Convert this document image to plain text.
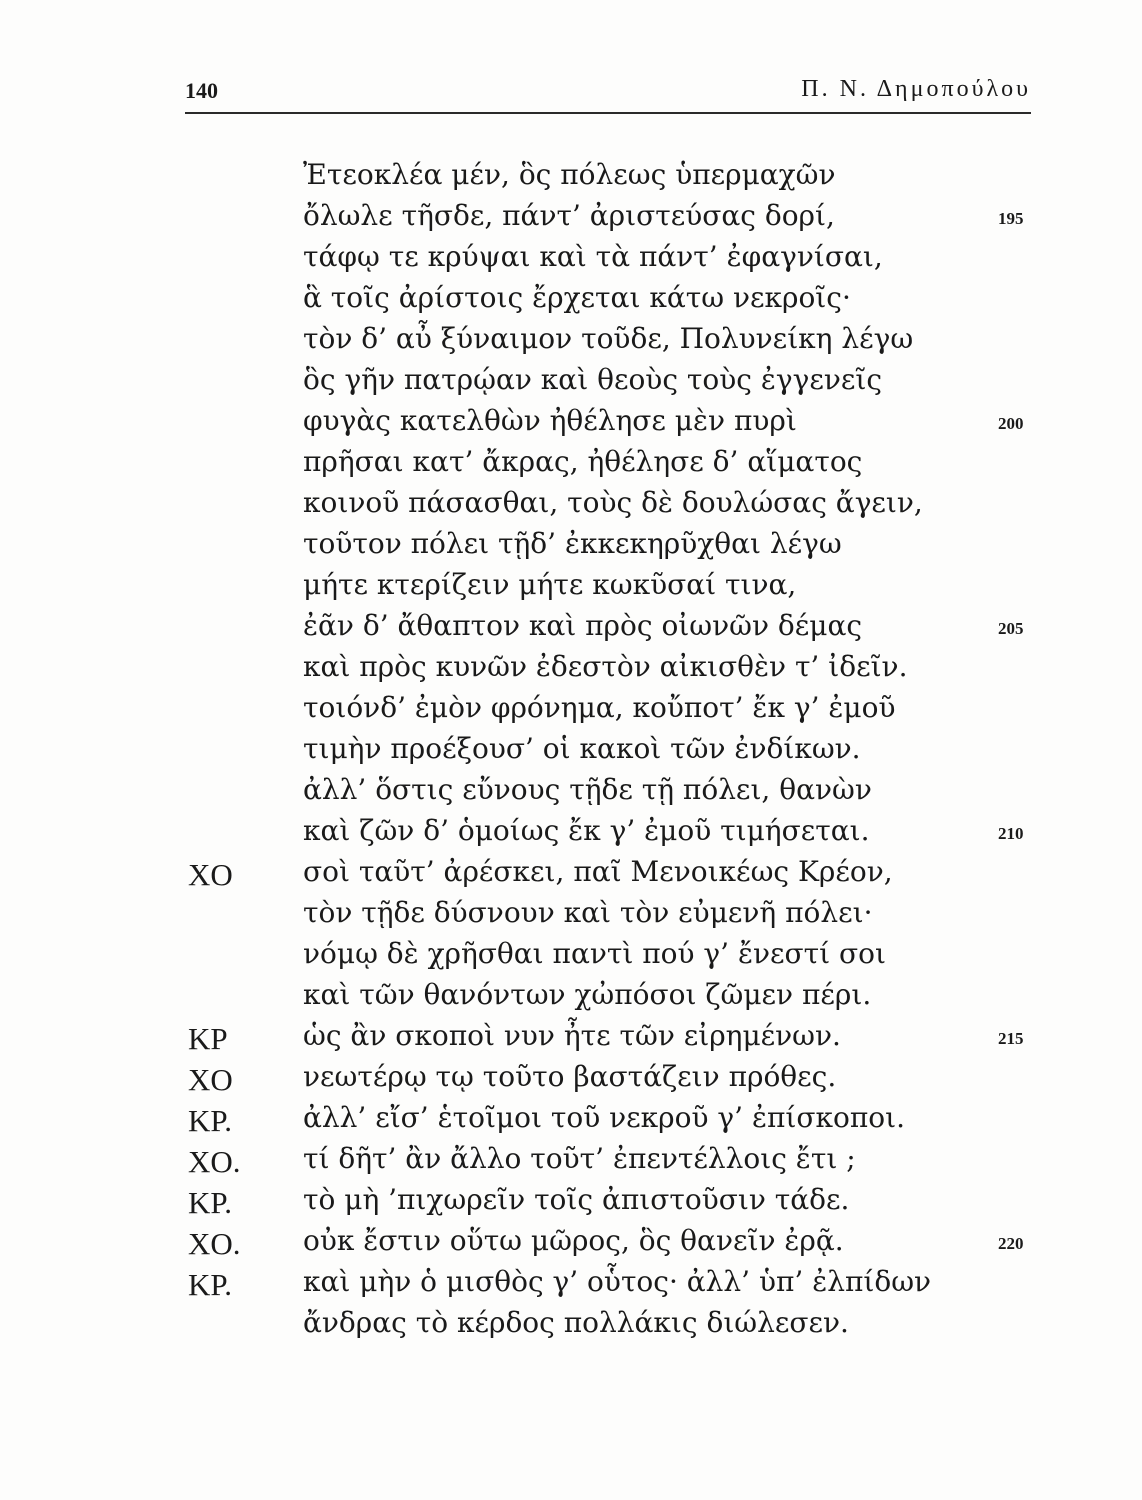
140	Π. Ν. Δημοπούλου
Ἐτεοκλέα μέν, ὃς πόλεως ὑπερμαχῶν
ὄλωλε τῆσδε, πάντ’ ἀριστεύσας δορί,	195
τάφῳ τε κρύψαι καὶ τὰ πάντ’ ἐφαγνίσαι,
ἃ τοῖς ἀρίστοις ἔρχεται κάτω νεκροῖς·
τὸν δ’ αὖ ξύναιμον τοῦδε, Πολυνείκη λέγω
ὃς γῆν πατρῴαν καὶ θεοὺς τοὺς ἐγγενεῖς
φυγὰς κατελθὼν ἠθέλησε μὲν πυρὶ	200
πρῆσαι κατ’ ἄκρας, ἠθέλησε δ’ αἵματος
κοινοῦ πάσασθαι, τοὺς δὲ δουλώσας ἄγειν,
τοῦτον πόλει τῇδ’ ἐκκεκηρῦχθαι λέγω
μήτε κτερίζειν μήτε κωκῦσαί τινα,
ἐᾶν δ’ ἄθαπτον καὶ πρὸς οἰωνῶν δέμας	205
καὶ πρὸς κυνῶν ἐδεστὸν αἰκισθὲν τ’ ἰδεῖν.
τοιόνδ’ ἐμὸν φρόνημα, κοὔποτ’ ἔκ γ’ ἐμοῦ
τιμὴν προέξουσ’ οἱ κακοὶ τῶν ἐνδίκων.
ἀλλ’ ὅστις εὔνους τῇδε τῇ πόλει, θανὼν
καὶ ζῶν δ’ ὁμοίως ἔκ γ’ ἐμοῦ τιμήσεται.	210
ΧΟ	σοὶ ταῦτ’ ἀρέσκει, παῖ Μενοικέως Κρέον,
τὸν τῇδε δύσνουν καὶ τὸν εὐμενῆ πόλει·
νόμῳ δὲ χρῆσθαι παντὶ πού γ’ ἔνεστί σοι
καὶ τῶν θανόντων χὠπόσοι ζῶμεν πέρι.
ΚΡ	ὡς ἂν σκοποὶ νυν ἦτε τῶν εἰρημένων.	215
ΧΟ	νεωτέρῳ τῳ τοῦτο βαστάζειν πρόθες.
ΚΡ.	ἀλλ’ εἴσ’ ἑτοῖμοι τοῦ νεκροῦ γ’ ἐπίσκοποι.
ΧΟ. τί δῆτ’ ἂν ἄλλο τοῦτ’ ἐπεντέλλοις ἔτι ;
ΚΡ.	τὸ μὴ ’πιχωρεῖν τοῖς ἀπιστοῦσιν τάδε.
ΧΟ. οὐκ ἔστιν οὕτω μῶρος, ὃς θανεῖν ἐρᾷ.	220
ΚΡ.	καὶ μὴν ὁ μισθὸς γ’ οὗτος· ἀλλ’ ὑπ’ ἐλπίδων
ἄνδρας τὸ κέρδος πολλάκις διώλεσεν.
